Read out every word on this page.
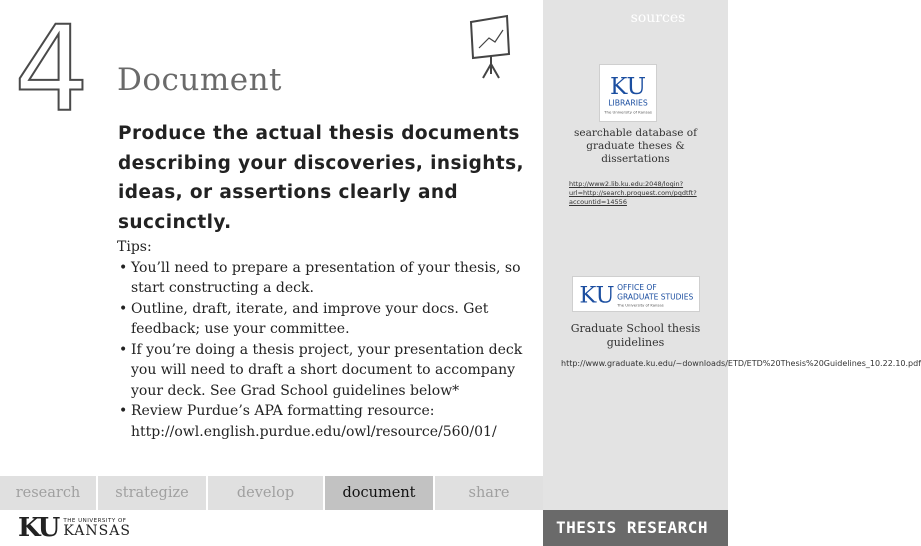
4 Document
Produce the actual thesis documents describing your discoveries, insights, ideas, or assertions clearly and succinctly.
Tips:
• You’ll need to prepare a presentation of your thesis, so start constructing a deck.
• Outline, draft, iterate, and improve your docs. Get feedback; use your committee.
• If you’re doing a thesis project, your presentation deck you will need to draft a short document to accompany your deck. See Grad School guidelines below*
• Review Purdue’s APA formatting resource: http://owl.english.purdue.edu/owl/resource/560/01/
sources
KU
LIBRARIES
The University of Kansas
searchable database of graduate theses & dissertations
http://www2.lib.ku.edu:2048/login?url=http://search.proquest.com/pqdtft?accountid=14556
KU OFFICE OF
GRADUATE STUDIES
The University of Kansas
Graduate School thesis guidelines
http://www.graduate.ku.edu/~downloads/ETD/ETD%20Thesis%20Guidelines_10.22.10.pdf
research	strategize	develop	document	share
KU THE UNIVERSITY OF
KANSAS	THESIS RESEARCH
